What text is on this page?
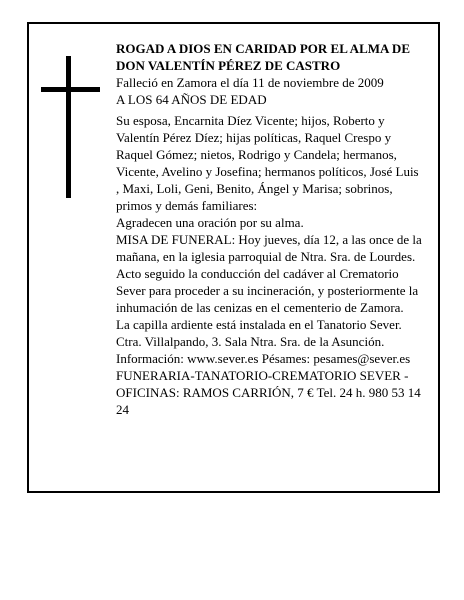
ROGAD A DIOS EN CARIDAD POR EL ALMA DE DON VALENTÍN PÉREZ DE CASTRO

Falleció en Zamora el día 11 de noviembre de 2009

A LOS 64 AÑOS DE EDAD

Su esposa, Encarnita Díez Vicente; hijos, Roberto y Valentín Pérez Díez; hijas políticas, Raquel Crespo y Raquel Gómez; nietos, Rodrigo y Candela; hermanos, Vicente, Avelino y Josefina; hermanos políticos, José Luis , Maxi, Loli, Geni, Benito, Ángel y Marisa; sobrinos, primos y demás familiares:

Agradecen una oración por su alma.

MISA DE FUNERAL: Hoy jueves, día 12, a las once de la mañana, en la iglesia parroquial de Ntra. Sra. de Lourdes. Acto seguido la conducción del cadáver al Crematorio Sever para proceder a su incineración, y posteriormente la inhumación de las cenizas en el cementerio de Zamora.

La capilla ardiente está instalada en el Tanatorio Sever. Ctra. Villalpando, 3. Sala Ntra. Sra. de la Asunción.

Información: www.sever.es Pésames: pesames@sever.es

FUNERARIA-TANATORIO-CREMATORIO SEVER - OFICINAS: RAMOS CARRIÓN, 7 € Tel. 24 h. 980 53 14 24
